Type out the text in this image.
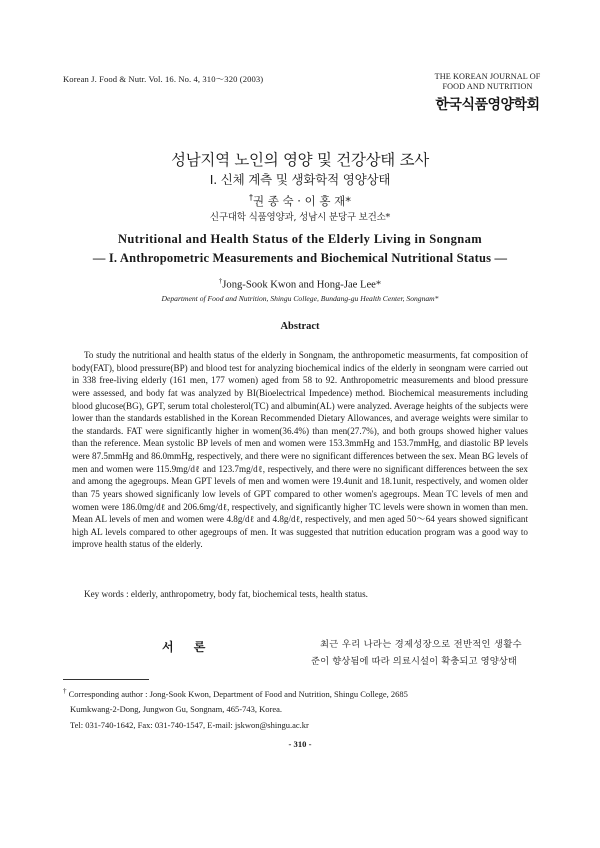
Korean J. Food & Nutr. Vol. 16. No. 4, 310～320 (2003)	THE KOREAN JOURNAL OF
FOOD AND NUTRITION
한국식품영양학회
성남지역 노인의 영양 및 건강상태 조사
I. 신체 계측 및 생화학적 영양상태
†권 종 숙 · 이 홍 재*
신구대학 식품영양과, 성남시 분당구 보건소*
Nutritional and Health Status of the Elderly Living in Songnam
— I. Anthropometric Measurements and Biochemical Nutritional Status —
†Jong-Sook Kwon and Hong-Jae Lee*
Department of Food and Nutrition, Shingu College, Bundang-gu Health Center, Songnam*
Abstract

To study the nutritional and health status of the elderly in Songnam, the anthropometic measurments, fat composition of body(FAT), blood pressure(BP) and blood test for analyzing biochemical indics of the elderly in seongnam were carried out in 338 free-living elderly (161 men, 177 women) aged from 58 to 92. Anthropometric measurements and blood pressure were assessed, and body fat was analyzed by BI(Bioelectrical Impedence) method. Biochemical measurements including blood glucose(BG), GPT, serum total cholesterol(TC) and albumin(AL) were analyzed. Average heights of the subjects were lower than the standards established in the Korean Recommended Dietary Allowances, and average weights were similar to the standards. FAT were significantly higher in women(36.4%) than men(27.7%), and both groups showed higher values than the reference. Mean systolic BP levels of men and women were 153.3mmHg and 153.7mmHg, and diastolic BP levels were 87.5mmHg and 86.0mmHg, respectively, and there were no significant differences between the sex. Mean BG levels of men and women were 115.9mg/dℓ and 123.7mg/dℓ, respectively, and there were no significant differences between the sex and among the agegroups. Mean GPT levels of men and women were 19.4unit and 18.1unit, respectively, and women older than 75 years showed significanly low levels of GPT compared to other women's agegroups. Mean TC levels of men and women were 186.0mg/dℓ and 206.6mg/dℓ, respectively, and significantly higher TC levels were shown in women than men. Mean AL levels of men and women were 4.8g/dℓ and 4.8g/dℓ, respectively, and men aged 50～64 years showed significant high AL levels compared to other agegroups of men. It was suggested that nutrition education program was a good way to improve health status of the elderly.

Key words : elderly, anthropometry, body fat, biochemical tests, health status.
서 론	최근 우리 나라는 경제성장으로 전반적인 생활수
준이 향상됨에 따라 의료시설이 확충되고 영양상태
† Corresponding author : Jong-Sook Kwon, Department of Food and Nutrition, Shingu College, 2685
Kumkwang-2-Dong, Jungwon Gu, Songnam, 465-743, Korea.
Tel: 031-740-1642, Fax: 031-740-1547, E-mail: jskwon@shingu.ac.kr
- 310 -
